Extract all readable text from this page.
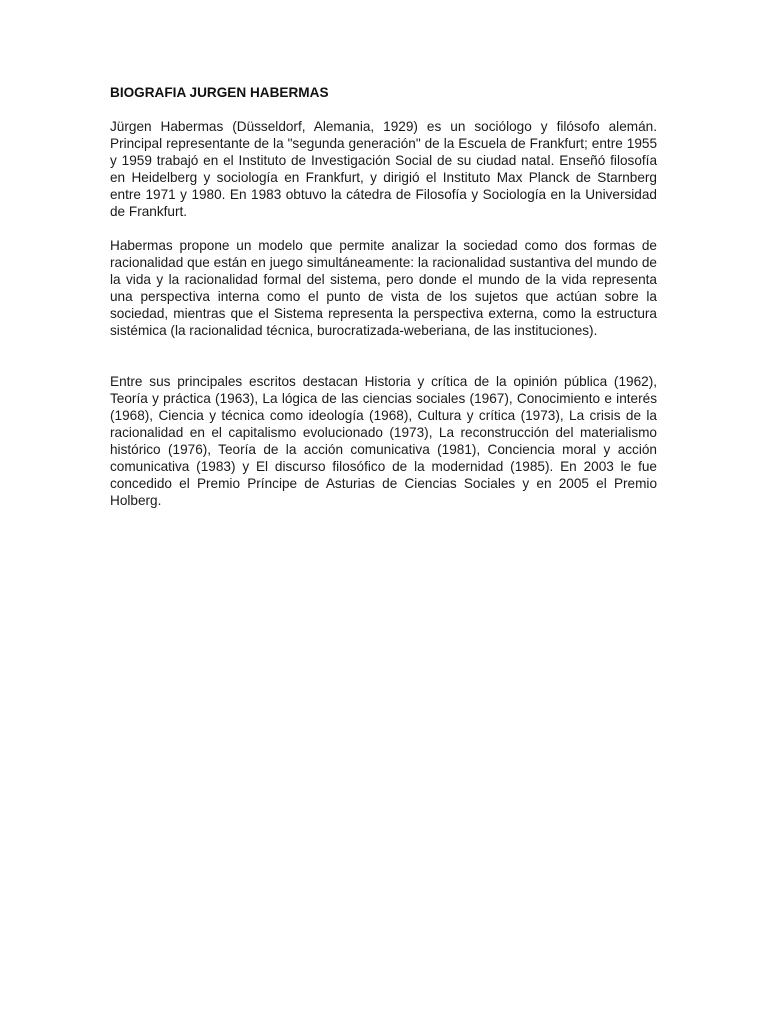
BIOGRAFIA JURGEN HABERMAS

Jürgen Habermas (Düsseldorf, Alemania, 1929) es un sociólogo y filósofo alemán. Principal representante de la "segunda generación" de la Escuela de Frankfurt; entre 1955 y 1959 trabajó en el Instituto de Investigación Social de su ciudad natal. Enseñó filosofía en Heidelberg y sociología en Frankfurt, y dirigió el Instituto Max Planck de Starnberg entre 1971 y 1980. En 1983 obtuvo la cátedra de Filosofía y Sociología en la Universidad de Frankfurt.

Habermas propone un modelo que permite analizar la sociedad como dos formas de racionalidad que están en juego simultáneamente: la racionalidad sustantiva del mundo de la vida y la racionalidad formal del sistema, pero donde el mundo de la vida representa una perspectiva interna como el punto de vista de los sujetos que actúan sobre la sociedad, mientras que el Sistema representa la perspectiva externa, como la estructura sistémica (la racionalidad técnica, burocratizada-weberiana, de las instituciones).

Entre sus principales escritos destacan Historia y crítica de la opinión pública (1962), Teoría y práctica (1963), La lógica de las ciencias sociales (1967), Conocimiento e interés (1968), Ciencia y técnica como ideología (1968), Cultura y crítica (1973), La crisis de la racionalidad en el capitalismo evolucionado (1973), La reconstrucción del materialismo histórico (1976), Teoría de la acción comunicativa (1981), Conciencia moral y acción comunicativa (1983) y El discurso filosófico de la modernidad (1985). En 2003 le fue concedido el Premio Príncipe de Asturias de Ciencias Sociales y en 2005 el Premio Holberg.
